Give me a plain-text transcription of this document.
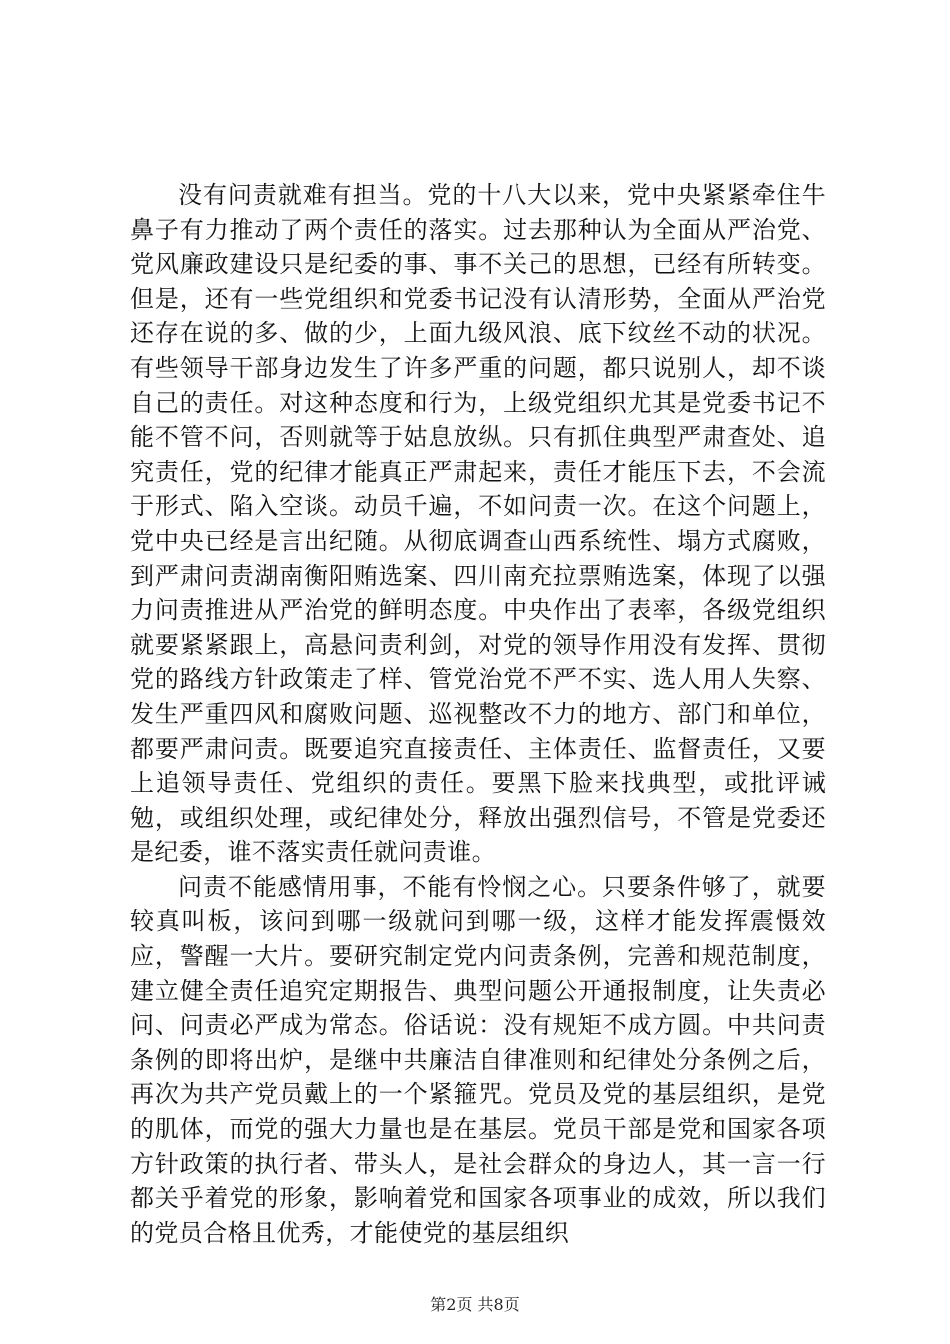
没有问责就难有担当。党的十八大以来，党中央紧紧牵住牛鼻子有力推动了两个责任的落实。过去那种认为全面从严治党、党风廉政建设只是纪委的事、事不关己的思想，已经有所转变。但是，还有一些党组织和党委书记没有认清形势，全面从严治党还存在说的多、做的少，上面九级风浪、底下纹丝不动的状况。有些领导干部身边发生了许多严重的问题，都只说别人，却不谈自己的责任。对这种态度和行为，上级党组织尤其是党委书记不能不管不问，否则就等于姑息放纵。只有抓住典型严肃查处、追究责任，党的纪律才能真正严肃起来，责任才能压下去，不会流于形式、陷入空谈。动员千遍，不如问责一次。在这个问题上，党中央已经是言出纪随。从彻底调查山西系统性、塌方式腐败，到严肃问责湖南衡阳贿选案、四川南充拉票贿选案，体现了以强力问责推进从严治党的鲜明态度。中央作出了表率，各级党组织就要紧紧跟上，高悬问责利剑，对党的领导作用没有发挥、贯彻党的路线方针政策走了样、管党治党不严不实、选人用人失察、发生严重四风和腐败问题、巡视整改不力的地方、部门和单位，都要严肃问责。既要追究直接责任、主体责任、监督责任，又要上追领导责任、党组织的责任。要黑下脸来找典型，或批评诫勉，或组织处理，或纪律处分，释放出强烈信号，不管是党委还是纪委，谁不落实责任就问责谁。

问责不能感情用事，不能有怜悯之心。只要条件够了，就要较真叫板，该问到哪一级就问到哪一级，这样才能发挥震慑效应，警醒一大片。要研究制定党内问责条例，完善和规范制度，建立健全责任追究定期报告、典型问题公开通报制度，让失责必问、问责必严成为常态。俗话说：没有规矩不成方圆。中共问责条例的即将出炉，是继中共廉洁自律准则和纪律处分条例之后，再次为共产党员戴上的一个紧箍咒。党员及党的基层组织，是党的肌体，而党的强大力量也是在基层。党员干部是党和国家各项方针政策的执行者、带头人，是社会群众的身边人，其一言一行都关乎着党的形象，影响着党和国家各项事业的成效，所以我们的党员合格且优秀，才能使党的基层组织

第2页 共8页
